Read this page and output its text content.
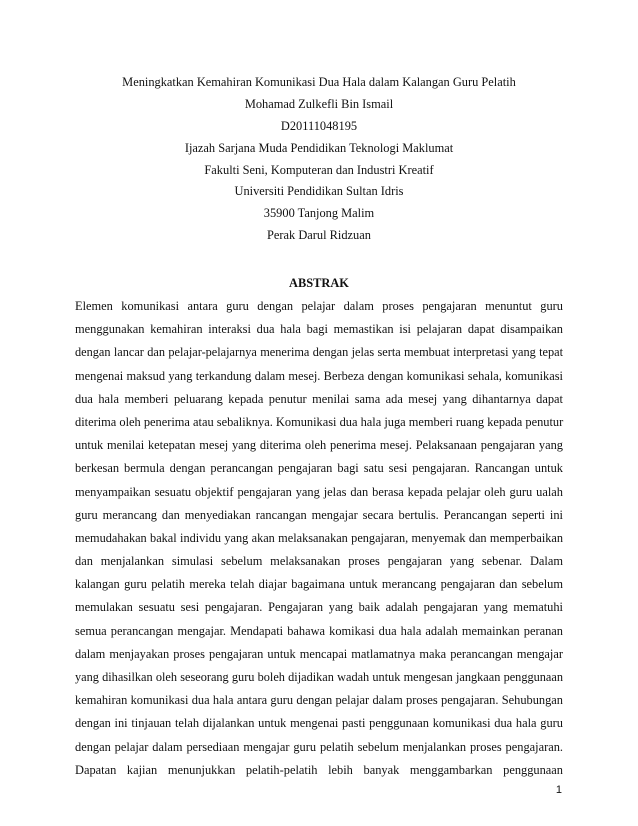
Meningkatkan Kemahiran Komunikasi Dua Hala dalam Kalangan Guru Pelatih
Mohamad Zulkefli Bin Ismail
D20111048195
Ijazah Sarjana Muda Pendidikan Teknologi Maklumat
Fakulti Seni, Komputeran dan Industri Kreatif
Universiti Pendidikan Sultan Idris
35900 Tanjong Malim
Perak Darul Ridzuan
ABSTRAK
Elemen komunikasi antara guru dengan pelajar dalam proses pengajaran menuntut guru
menggunakan kemahiran interaksi dua hala bagi memastikan isi pelajaran dapat disampaikan
dengan lancar dan pelajar-pelajarnya menerima dengan jelas serta membuat interpretasi yang tepat
mengenai maksud yang terkandung dalam mesej. Berbeza dengan komunikasi sehala, komunikasi
dua hala memberi peluarang kepada penutur menilai sama ada mesej yang dihantarnya dapat
diterima oleh penerima atau sebaliknya. Komunikasi dua hala juga memberi ruang kepada penutur
untuk menilai ketepatan mesej yang diterima oleh penerima mesej. Pelaksanaan pengajaran yang
berkesan bermula dengan perancangan pengajaran bagi satu sesi pengajaran. Rancangan untuk
menyampaikan sesuatu objektif pengajaran yang jelas dan berasa kepada pelajar oleh guru ualah
guru merancang dan menyediakan rancangan mengajar secara bertulis. Perancangan seperti ini
memudahakan bakal individu yang akan melaksanakan pengajaran, menyemak dan memperbaikan
dan menjalankan simulasi sebelum melaksanakan proses pengajaran yang sebenar. Dalam
kalangan guru pelatih mereka telah diajar bagaimana untuk merancang pengajaran dan sebelum
memulakan sesuatu sesi pengajaran. Pengajaran yang baik adalah pengajaran yang mematuhi
semua perancangan mengajar. Mendapati bahawa komikasi dua hala adalah memainkan peranan
dalam menjayakan proses pengajaran untuk mencapai matlamatnya maka perancangan mengajar
yang dihasilkan oleh seseorang guru boleh dijadikan wadah untuk mengesan jangkaan penggunaan
kemahiran komunikasi dua hala antara guru dengan pelajar dalam proses pengajaran. Sehubungan
dengan ini tinjauan telah dijalankan untuk mengenai pasti penggunaan komunikasi dua hala guru
dengan pelajar dalam persediaan mengajar guru pelatih sebelum menjalankan proses pengajaran.
Dapatan kajian menunjukkan pelatih-pelatih lebih banyak menggambarkan penggunaan
1
